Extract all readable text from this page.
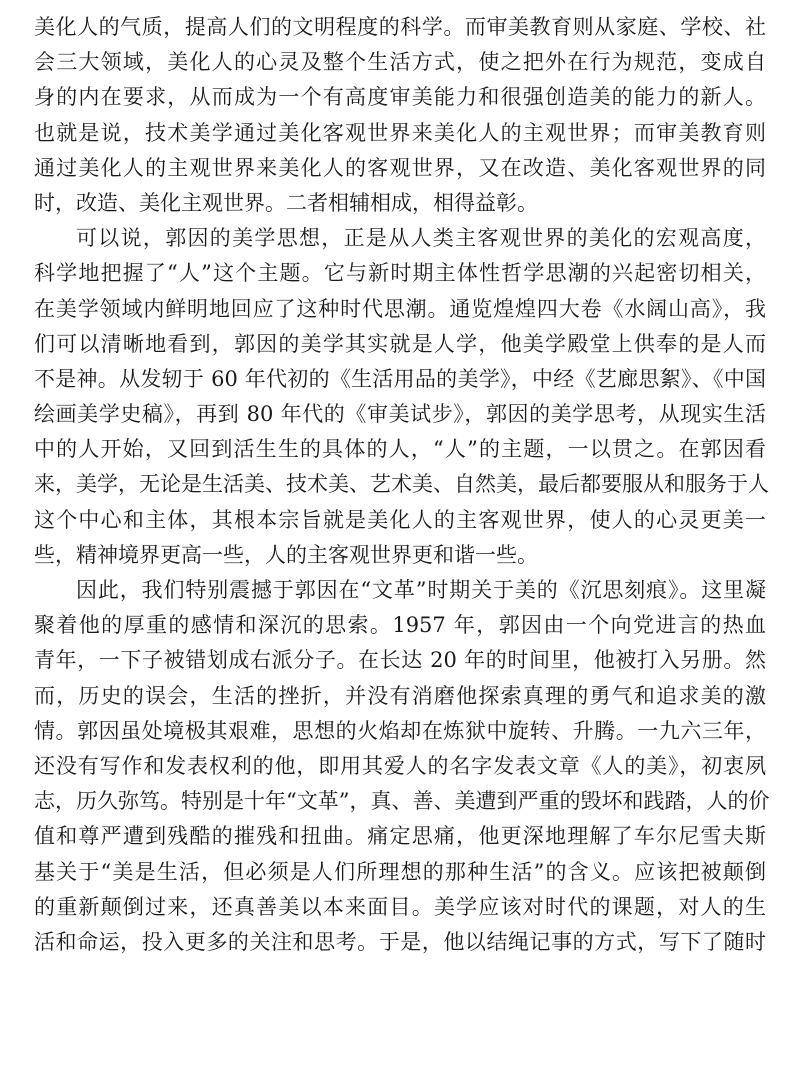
美化人的气质，提高人们的文明程度的科学。而审美教育则从家庭、学校、社
会三大领域，美化人的心灵及整个生活方式，使之把外在行为规范，变成自
身的内在要求，从而成为一个有高度审美能力和很强创造美的能力的新人。
也就是说，技术美学通过美化客观世界来美化人的主观世界；而审美教育则
通过美化人的主观世界来美化人的客观世界，又在改造、美化客观世界的同
时，改造、美化主观世界。二者相辅相成，相得益彰。
可以说，郭因的美学思想，正是从人类主客观世界的美化的宏观高度，
科学地把握了“人”这个主题。它与新时期主体性哲学思潮的兴起密切相关，
在美学领域内鲜明地回应了这种时代思潮。通览煌煌四大卷《水阔山高》，我
们可以清晰地看到，郭因的美学其实就是人学，他美学殿堂上供奉的是人而
不是神。从发轫于 60 年代初的《生活用品的美学》，中经《艺廊思絮》、《中国
绘画美学史稿》，再到 80 年代的《审美试步》，郭因的美学思考，从现实生活
中的人开始，又回到活生生的具体的人，“人”的主题，一以贯之。在郭因看
来，美学，无论是生活美、技术美、艺术美、自然美，最后都要服从和服务于人
这个中心和主体，其根本宗旨就是美化人的主客观世界，使人的心灵更美一
些，精神境界更高一些，人的主客观世界更和谐一些。
因此，我们特别震撼于郭因在“文革”时期关于美的《沉思刻痕》。这里凝
聚着他的厚重的感情和深沉的思索。1957 年，郭因由一个向党进言的热血
青年，一下子被错划成右派分子。在长达 20 年的时间里，他被打入另册。然
而，历史的误会，生活的挫折，并没有消磨他探索真理的勇气和追求美的激
情。郭因虽处境极其艰难，思想的火焰却在炼狱中旋转、升腾。一九六三年，
还没有写作和发表权利的他，即用其爱人的名字发表文章《人的美》，初衷夙
志，历久弥笃。特别是十年“文革”，真、善、美遭到严重的毁坏和践踏，人的价
值和尊严遭到残酷的摧残和扭曲。痛定思痛，他更深地理解了车尔尼雪夫斯
基关于“美是生活，但必须是人们所理想的那种生活”的含义。应该把被颠倒
的重新颠倒过来，还真善美以本来面目。美学应该对时代的课题，对人的生
活和命运，投入更多的关注和思考。于是，他以结绳记事的方式，写下了随时
